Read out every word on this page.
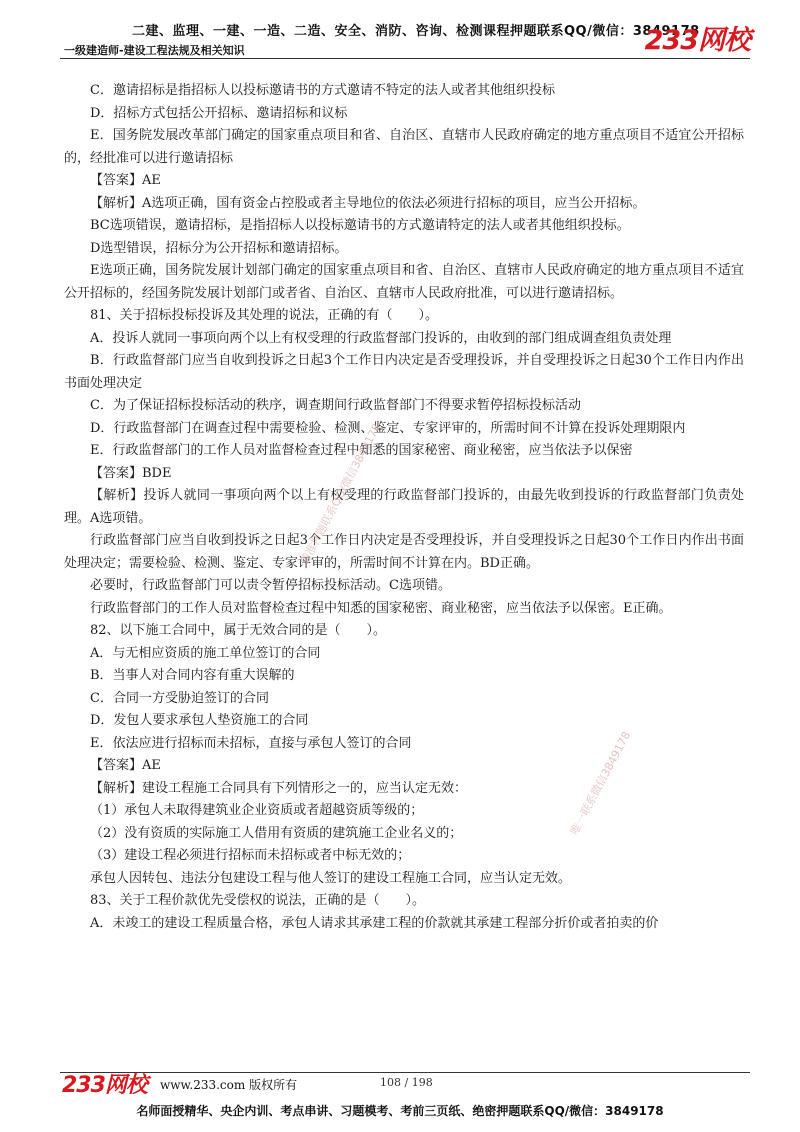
二建、监理、一建、一造、二造、安全、消防、咨询、检测课程押题联系QQ/微信：3849178
一级建造师-建设工程法规及相关知识	233网校

C．邀请招标是指招标人以投标邀请书的方式邀请不特定的法人或者其他组织投标

D．招标方式包括公开招标、邀请招标和议标

E．国务院发展改革部门确定的国家重点项目和省、自治区、直辖市人民政府确定的地方重点项目不适宜公开招标的，经批准可以进行邀请招标

【答案】AE

【解析】A选项正确，国有资金占控股或者主导地位的依法必须进行招标的项目，应当公开招标。

BC选项错误，邀请招标，是指招标人以投标邀请书的方式邀请特定的法人或者其他组织投标。

D选型错误，招标分为公开招标和邀请招标。

E选项正确，国务院发展计划部门确定的国家重点项目和省、自治区、直辖市人民政府确定的地方重点项目不适宜公开招标的，经国务院发展计划部门或者省、自治区、直辖市人民政府批准，可以进行邀请招标。

81、关于招标投标投诉及其处理的说法，正确的有（　　）。

A．投诉人就同一事项向两个以上有权受理的行政监督部门投诉的，由收到的部门组成调查组负责处理

B．行政监督部门应当自收到投诉之日起3个工作日内决定是否受理投诉，并自受理投诉之日起30个工作日内作出书面处理决定

C．为了保证招标投标活动的秩序，调查期间行政监督部门不得要求暂停招标投标活动

D．行政监督部门在调查过程中需要检验、检测、鉴定、专家评审的，所需时间不计算在投诉处理期限内

E．行政监督部门的工作人员对监督检查过程中知悉的国家秘密、商业秘密，应当依法予以保密

【答案】BDE

【解析】投诉人就同一事项向两个以上有权受理的行政监督部门投诉的，由最先收到投诉的行政监督部门负责处理。A选项错。

行政监督部门应当自收到投诉之日起3个工作日内决定是否受理投诉，并自受理投诉之日起30个工作日内作出书面处理决定；需要检验、检测、鉴定、专家评审的，所需时间不计算在内。BD正确。

必要时，行政监督部门可以责令暂停招标投标活动。C选项错。

行政监督部门的工作人员对监督检查过程中知悉的国家秘密、商业秘密，应当依法予以保密。E正确。

82、以下施工合同中，属于无效合同的是（　　）。

A．与无相应资质的施工单位签订的合同

B．当事人对合同内容有重大误解的

C．合同一方受胁迫签订的合同

D．发包人要求承包人垫资施工的合同

E．依法应进行招标而未招标，直接与承包人签订的合同

【答案】AE

【解析】建设工程施工合同具有下列情形之一的，应当认定无效：

（1）承包人未取得建筑业企业资质或者超越资质等级的；

（2）没有资质的实际施工人借用有资质的建筑施工企业名义的；

（3）建设工程必须进行招标而未招标或者中标无效的；

承包人因转包、违法分包建设工程与他人签订的建设工程施工合同，应当认定无效。

83、关于工程价款优先受偿权的说法，正确的是（　　）。

A．未竣工的建设工程质量合格，承包人请求其承建工程的价款就其承建工程部分折价或者拍卖的价

精准押题联系QQ/微信3849178
唯一联系微信3849178
233网校 www.233.com 版权所有	108 / 198
名师面授精华、央企内训、考点串讲、习题模考、考前三页纸、绝密押题联系QQ/微信：3849178
